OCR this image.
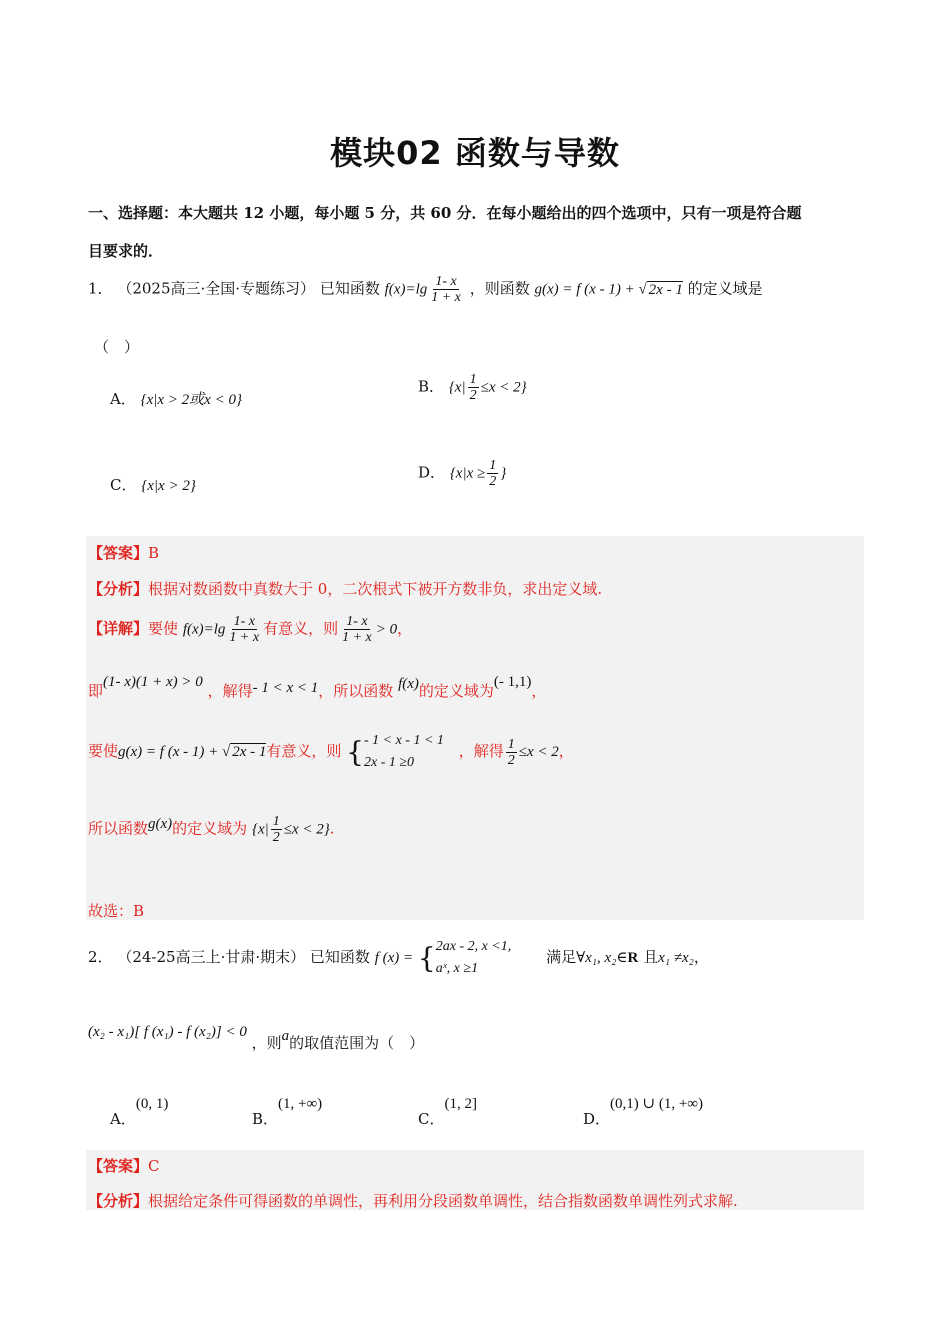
模块02 函数与导数
一、选择题：本大题共 12 小题，每小题 5 分，共 60 分．在每小题给出的四个选项中，只有一项是符合题
目要求的．
1． （2025高三·全国·专题练习） 已知函数 $f(x)=\lg \frac{1- x}{1 + x}$ ，则函数 g(x) = f (x - 1) + √ 2x - 1 的定义域是
（　）
A． {x|x > 2或x < 0}
B． $\{x| \frac{1}{2} \le x < 2\}$
C． {x|x > 2}
D． {$x|x \ge \frac{1}{2}$ }
【答案】B
【分析】根据对数函数中真数大于 0，二次根式下被开方数非负，求出定义域.
【详解】要使 $f(x)=\lg \frac{1- x}{1 + x}$ 有意义，则 $\frac{1- x}{1 + x} > 0$，
即(1- x)(1 + x) > 0 ，解得- 1 < x < 1，所以函数 f(x)的定义域为(- 1,1)，
要使g(x) = f (x - 1) + √ 2x - 1有意义，则 { - 1 < x - 1 < 1
2x - 1 ≥0
，解得 $\frac{1}{2} \le x < 2$，
所以函数g(x)的定义域为 $\{x| \frac{1}{2} \le x < 2\}$.
故选：B
2． （24-25高三上·甘肃·期末） 已知函数 f (x) = { 2ax - 2, x <1,
aˣ, x ≥1
满足∀x₁, x₂∈R 且x₁ ≠x₂，
(x₂ - x₁)[ f (x₁) - f (x₂)] < 0 ，则a的取值范围为（　）
A．(0, 1)
B．(1, +∞)
C．(1, 2]
D．(0,1) ∪ (1, +∞)
【答案】C
【分析】根据给定条件可得函数的单调性，再利用分段函数单调性，结合指数函数单调性列式求解.
